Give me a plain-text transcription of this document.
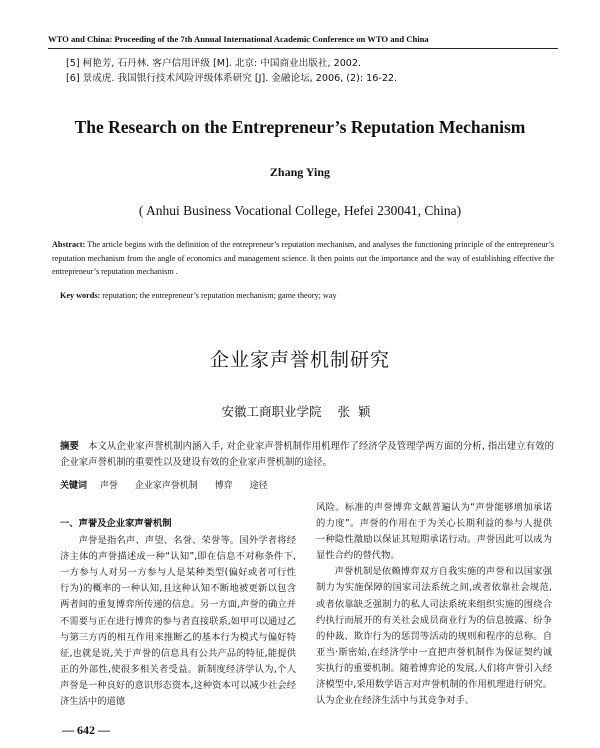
WTO and China: Proceeding of the 7th Annual International Academic Conference on WTO and China
[5] 柯艳芳, 石丹林. 客户信用评级 [M]. 北京: 中国商业出版社, 2002.
[6] 景成虎. 我国银行技术风险评级体系研究 [J]. 金融论坛, 2006, (2): 16-22.
The Research on the Entrepreneur’s Reputation Mechanism
Zhang Ying
( Anhui Business Vocational College, Hefei 230041, China)
Abstract: The article begins with the definition of the entrepreneur’s reputation mechanism, and analyses the functioning principle of the entrepreneur’s reputation mechanism from the angle of economics and management science. It then points out the importance and the way of establishing effective the entrepreneur’s reputation mechanism .
Key words: reputation; the entrepreneur’s reputation mechanism; game theory; way
企业家声誉机制研究
安徽工商职业学院 张颖
摘要 本文从企业家声誉机制内涵入手, 对企业家声誉机制作用机理作了经济学及管理学两方面的分析, 指出建立有效的企业家声誉机制的重要性以及建设有效的企业家声誉机制的途径。
关键词 声誉 企业家声誉机制 博弈 途径
一、声誉及企业家声誉机制

声誉是指名声、声望、名誉、荣誉等。国外学者将经济主体的声誉描述成一种“认知”,即在信息不对称条件下,一方参与人对另一方参与人是某种类型(偏好或者可行性行为)的概率的一种认知,且这种认知不断地被更新以包含两者间的重复博弈所传递的信息。另一方面,声誉的确立并不需要与正在进行博弈的参与者直接联系,如甲可以通过乙与第三方丙的相互作用来推断乙的基本行为模式与偏好特征,也就是说,关于声誉的信息具有公共产品的特征,能提供正的外部性,使很多相关者受益。新制度经济学认为,个人声誉是一种良好的意识形态资本,这种资本可以减少社会经济生活中的道德

风险。标准的声誉博弈文献普遍认为“声誉能够增加承诺的力度”。声誉的作用在于为关心长期利益的参与人提供一种隐性激励以保证其短期承诺行动。声誉因此可以成为显性合约的替代物。

声誉机制是依赖博弈双方自我实施的声誉和以国家强制力为实施保障的国家司法系统之间,或者依靠社会规范,或者依靠缺乏强制力的私人司法系统来组织实施的围绕合约执行而展开的有关社会成员商业行为的信息披露、纷争的仲裁、欺诈行为的惩罚等活动的规则和程序的总称。自亚当·斯密始,在经济学中一直把声誉机制作为保证契约诚实执行的重要机制。随着博弈论的发展,人们将声誉引入经济模型中,采用数学语言对声誉机制的作用机理进行研究。认为企业在经济生活中与其竞争对手、

— 642 —
